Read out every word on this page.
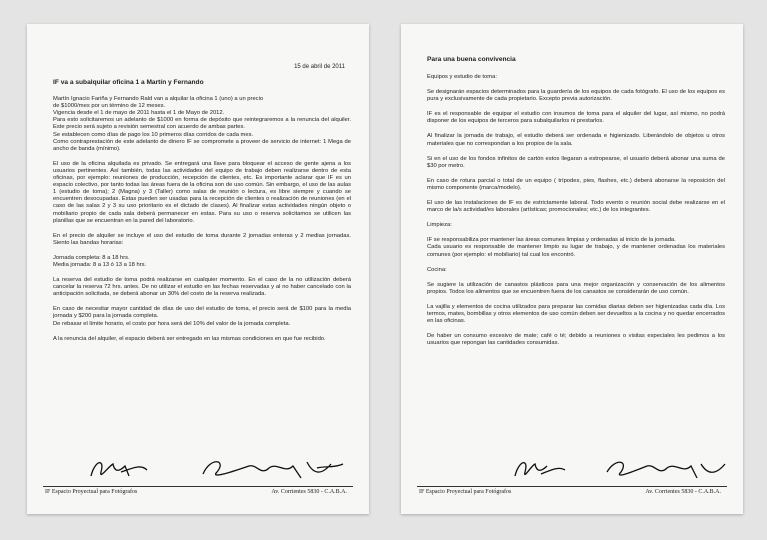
15 de abril de 2011
IF va a subalquilar oficina 1 a Martín y Fernando
Martín Ignacio Fariña y Fernando Rald van a alquilar la oficina 1 (uno) a un precio
de $1000/mes por un término de 12 meses.
Vigencia desde el 1 de mayo de 2011 hasta el 1 de Mayo de 2012.
Para esto solicitaremos un adelanto de $1000 en forma de depósito que reintegraremos a la renuncia del alquiler. Este precio será sujeto a revisión semestral con acuerdo de ambas partes.
Se establecen como días de pago los 10 primeros días corridos de cada mes.
Como contraprestación de este adelanto de dinero IF se compromete a proveer de servicio de internet: 1 Mega de ancho de banda (mínimo).
El uso de la oficina alquilada es privado. Se entregará una llave para bloquear el acceso de gente ajena a los usuarios pertinentes. Así también, todas las actividades del equipo de trabajo deben realizarse dentro de esta oficinas, por ejemplo: reuniones de producción, recepción de clientes, etc. Es importante aclarar que IF es un espacio colectivo, por tanto todas las áreas fuera de la oficina son de uso común. Sin embargo, el uso de las aulas 1 (estudio de toma); 2 (Magna) y 3 (Taller) como salas de reunión o lectura, es libre siempre y cuando se encuentren desocupadas. Estas pueden ser usadas para la recepción de clientes o realización de reuniones (en el caso de las salas 2 y 3 su uso prioritario es el dictado de clases). Al finalizar estas actividades ningún objeto o mobiliario propio de cada sala deberá permanecer en estas. Para su uso o reserva solicitamos se utilicen las planillas que se encuentran en la pared del laboratorio.
En el precio de alquiler se incluye el uso del estudio de toma durante 2 jornadas enteras y 2 medias jornadas. Siento las bandas horarias:
Jornada completa: 8 a 18 hrs.
Media jornada: 8 a 13 ó 13 a 18 hrs.
La reserva del estudio de toma podrá realizarse en cualquier momento. En el caso de la no utilización deberá cancelar la reserva 72 hrs. antes. De no utilizar el estudio en las fechas reservadas y al no haber cancelado con la anticipación solicitada, se deberá abonar un 30% del costo de la reserva realizada.
En caso de necesitar mayor cantidad de días de uso del estudio de toma, el precio será de $100 para la media jornada y $200 para la jornada completa.
De rebasar el límite horario, el costo por hora será del 10% del valor de la jornada completa.
A la renuncia del alquiler, el espacio deberá ser entregado en las mismas condiciones en que fue recibido.
IF Espacio Proyectual para Fotógrafos	Av. Corrientes 5830 - C.A.B.A.
Para una buena convivencia
Equipos y estudio de toma:
Se designarán espacios determinados para la guardería de los equipos de cada fotógrafo. El uso de los equipos es pura y exclusivamente de cada propietario. Excepto previa autorización.
IF es el responsable de equipar el estudio con insumos de toma para el alquiler del lugar, así mismo, no podrá disponer de los equipos de terceros para subalquilarlos ni prestarlos.
Al finalizar la jornada de trabajo, el estudio deberá ser ordenada e higienizado. Liberándolo de objetos u otros materiales que no correspondan a los propios de la sala.
Si en el uso de los fondos infinitos de cartón estos llegaran a estropearse, el usuario deberá abonar una suma de $30 por metro.
En caso de rotura parcial o total de un equipo ( trípodes, pies, flashes, etc.) deberá abonarse la reposición del mismo componente (marca/modelo).
El uso de las instalaciones de IF es de estrictamente laboral. Todo evento o reunión social debe realizarse en el marco de la/s actividad/es laborales (artísticas; promocionales; etc.) de los integrantes.
Limpieza:
IF se responsabiliza por mantener las áreas comunes limpias y ordenadas al inicio de la jornada.
Cada usuario es responsable de mantener limpio su lugar de trabajo, y de mantener ordenadas los materiales comunes (por ejemplo: el mobiliario) tal cual los encontró.
Cocina:
Se sugiere la utilización de canastos plásticos para una mejor organización y conservación de los alimentos propios. Todos los alimentos que se encuentren fuera de los canastos se considerarán de uso común.
La vajilla y elementos de cocina utilizados para preparar las comidas diarias deben ser higienizadas cada día. Los termos, mates, bombillas y otros elementos de uso común deben ser devueltos a la cocina y no quedar encerrados en las oficinas.
De haber un consumo excesivo de mate; café o té; debido a reuniones o visitas especiales les pedimos a los usuarios que repongan las cantidades consumidas.
IF Espacio Proyectual para Fotógrafos	Av. Corrientes 5830 - C.A.B.A.
